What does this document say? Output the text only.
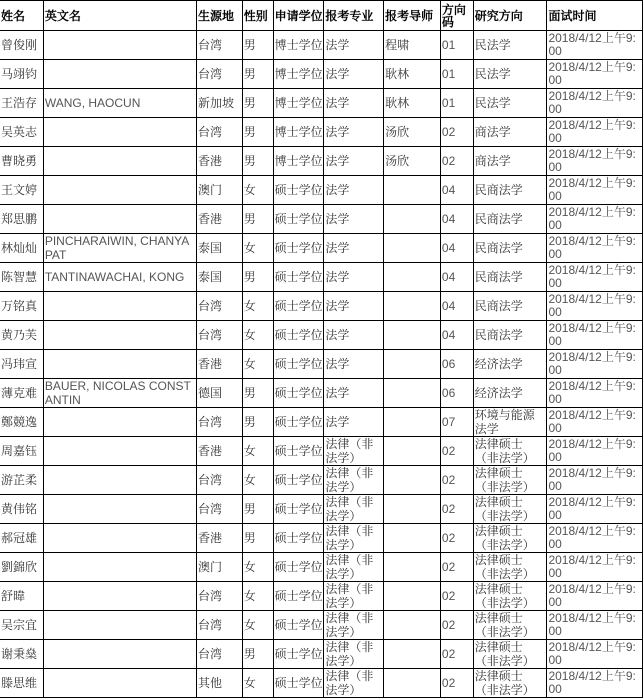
姓名	英文名	生源地	性别	申请学位	报考专业	报考导师	方向码	研究方向	面试时间
曾俊刚		台湾	男	博士学位	法学	程啸	01	民法学	2018/4/12上午9:00
马翊钧		台湾	男	博士学位	法学	耿林	01	民法学	2018/4/12上午9:00
王浩存	WANG, HAOCUN	新加坡	男	博士学位	法学	耿林	01	民法学	2018/4/12上午9:00
吴英志		台湾	男	博士学位	法学	汤欣	02	商法学	2018/4/12上午9:00
曹晓勇		香港	男	博士学位	法学	汤欣	02	商法学	2018/4/12上午9:00
王文婷		澳门	女	硕士学位	法学		04	民商法学	2018/4/12上午9:00
郑思鹏		香港	男	硕士学位	法学		04	民商法学	2018/4/12上午9:00
林灿灿	PINCHARAIWIN, CHANYAPAT	泰国	女	硕士学位	法学		04	民商法学	2018/4/12上午9:00
陈智慧	TANTINAWACHAI, KONG	泰国	男	硕士学位	法学		04	民商法学	2018/4/12上午9:00
万铭真		台湾	女	硕士学位	法学		04	民商法学	2018/4/12上午9:00
黄乃芙		台湾	女	硕士学位	法学		04	民商法学	2018/4/12上午9:00
冯玮宣		香港	女	硕士学位	法学		06	经济法学	2018/4/12上午9:00
薄克难	BAUER, NICOLAS CONSTANTIN	德国	男	硕士学位	法学		06	经济法学	2018/4/12上午9:00
鄭競逸		台湾	男	硕士学位	法学		07	环境与能源法学	2018/4/12上午9:00
周嘉钰		香港	女	硕士学位	法律（非法学）		02	法律硕士（非法学）	2018/4/12上午9:00
游芷柔		台湾	女	硕士学位	法律（非法学）		02	法律硕士（非法学）	2018/4/12上午9:00
黄伟铭		台湾	男	硕士学位	法律（非法学）		02	法律硕士（非法学）	2018/4/12上午9:00
郝冠雄		香港	男	硕士学位	法律（非法学）		02	法律硕士（非法学）	2018/4/12上午9:00
劉錦欣		澳门	女	硕士学位	法律（非法学）		02	法律硕士（非法学）	2018/4/12上午9:00
舒暐		台湾	女	硕士学位	法律（非法学）		02	法律硕士（非法学）	2018/4/12上午9:00
吴宗宜		台湾	女	硕士学位	法律（非法学）		02	法律硕士（非法学）	2018/4/12上午9:00
谢秉燊		台湾	男	硕士学位	法律（非法学）		02	法律硕士（非法学）	2018/4/12上午9:00
滕思维		其他	女	硕士学位	法律（非法学）		02	法律硕士（非法学）	2018/4/12上午9:00
